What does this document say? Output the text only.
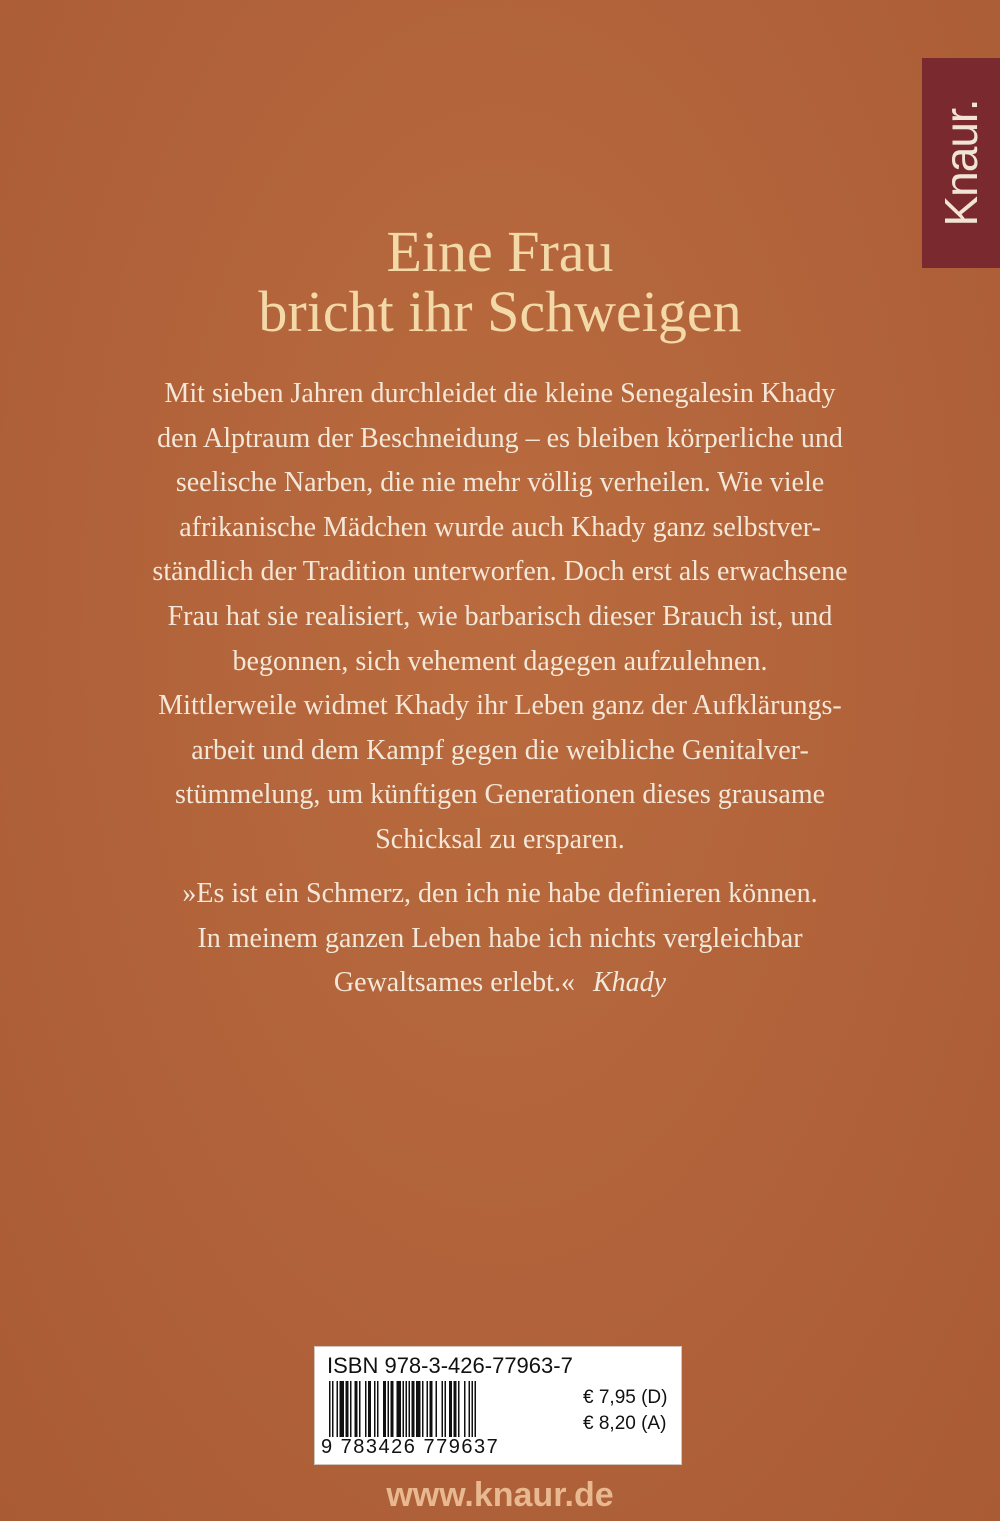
Knaur.
Eine Frau
bricht ihr Schweigen
Mit sieben Jahren durchleidet die kleine Senegalesin Khady
den Alptraum der Beschneidung – es bleiben körperliche und
seelische Narben, die nie mehr völlig verheilen. Wie viele
afrikanische Mädchen wurde auch Khady ganz selbstver-
ständlich der Tradition unterworfen. Doch erst als erwachsene
Frau hat sie realisiert, wie barbarisch dieser Brauch ist, und
begonnen, sich vehement dagegen aufzulehnen.
Mittlerweile widmet Khady ihr Leben ganz der Aufklärungs-
arbeit und dem Kampf gegen die weibliche Genitalver-
stümmelung, um künftigen Generationen dieses grausame
Schicksal zu ersparen.
»Es ist ein Schmerz, den ich nie habe definieren können.
In meinem ganzen Leben habe ich nichts vergleichbar
Gewaltsames erlebt.« Khady
ISBN 978-3-426-77963-7
9 783426 779637
€ 7,95 (D)
€ 8,20 (A)
www.knaur.de
